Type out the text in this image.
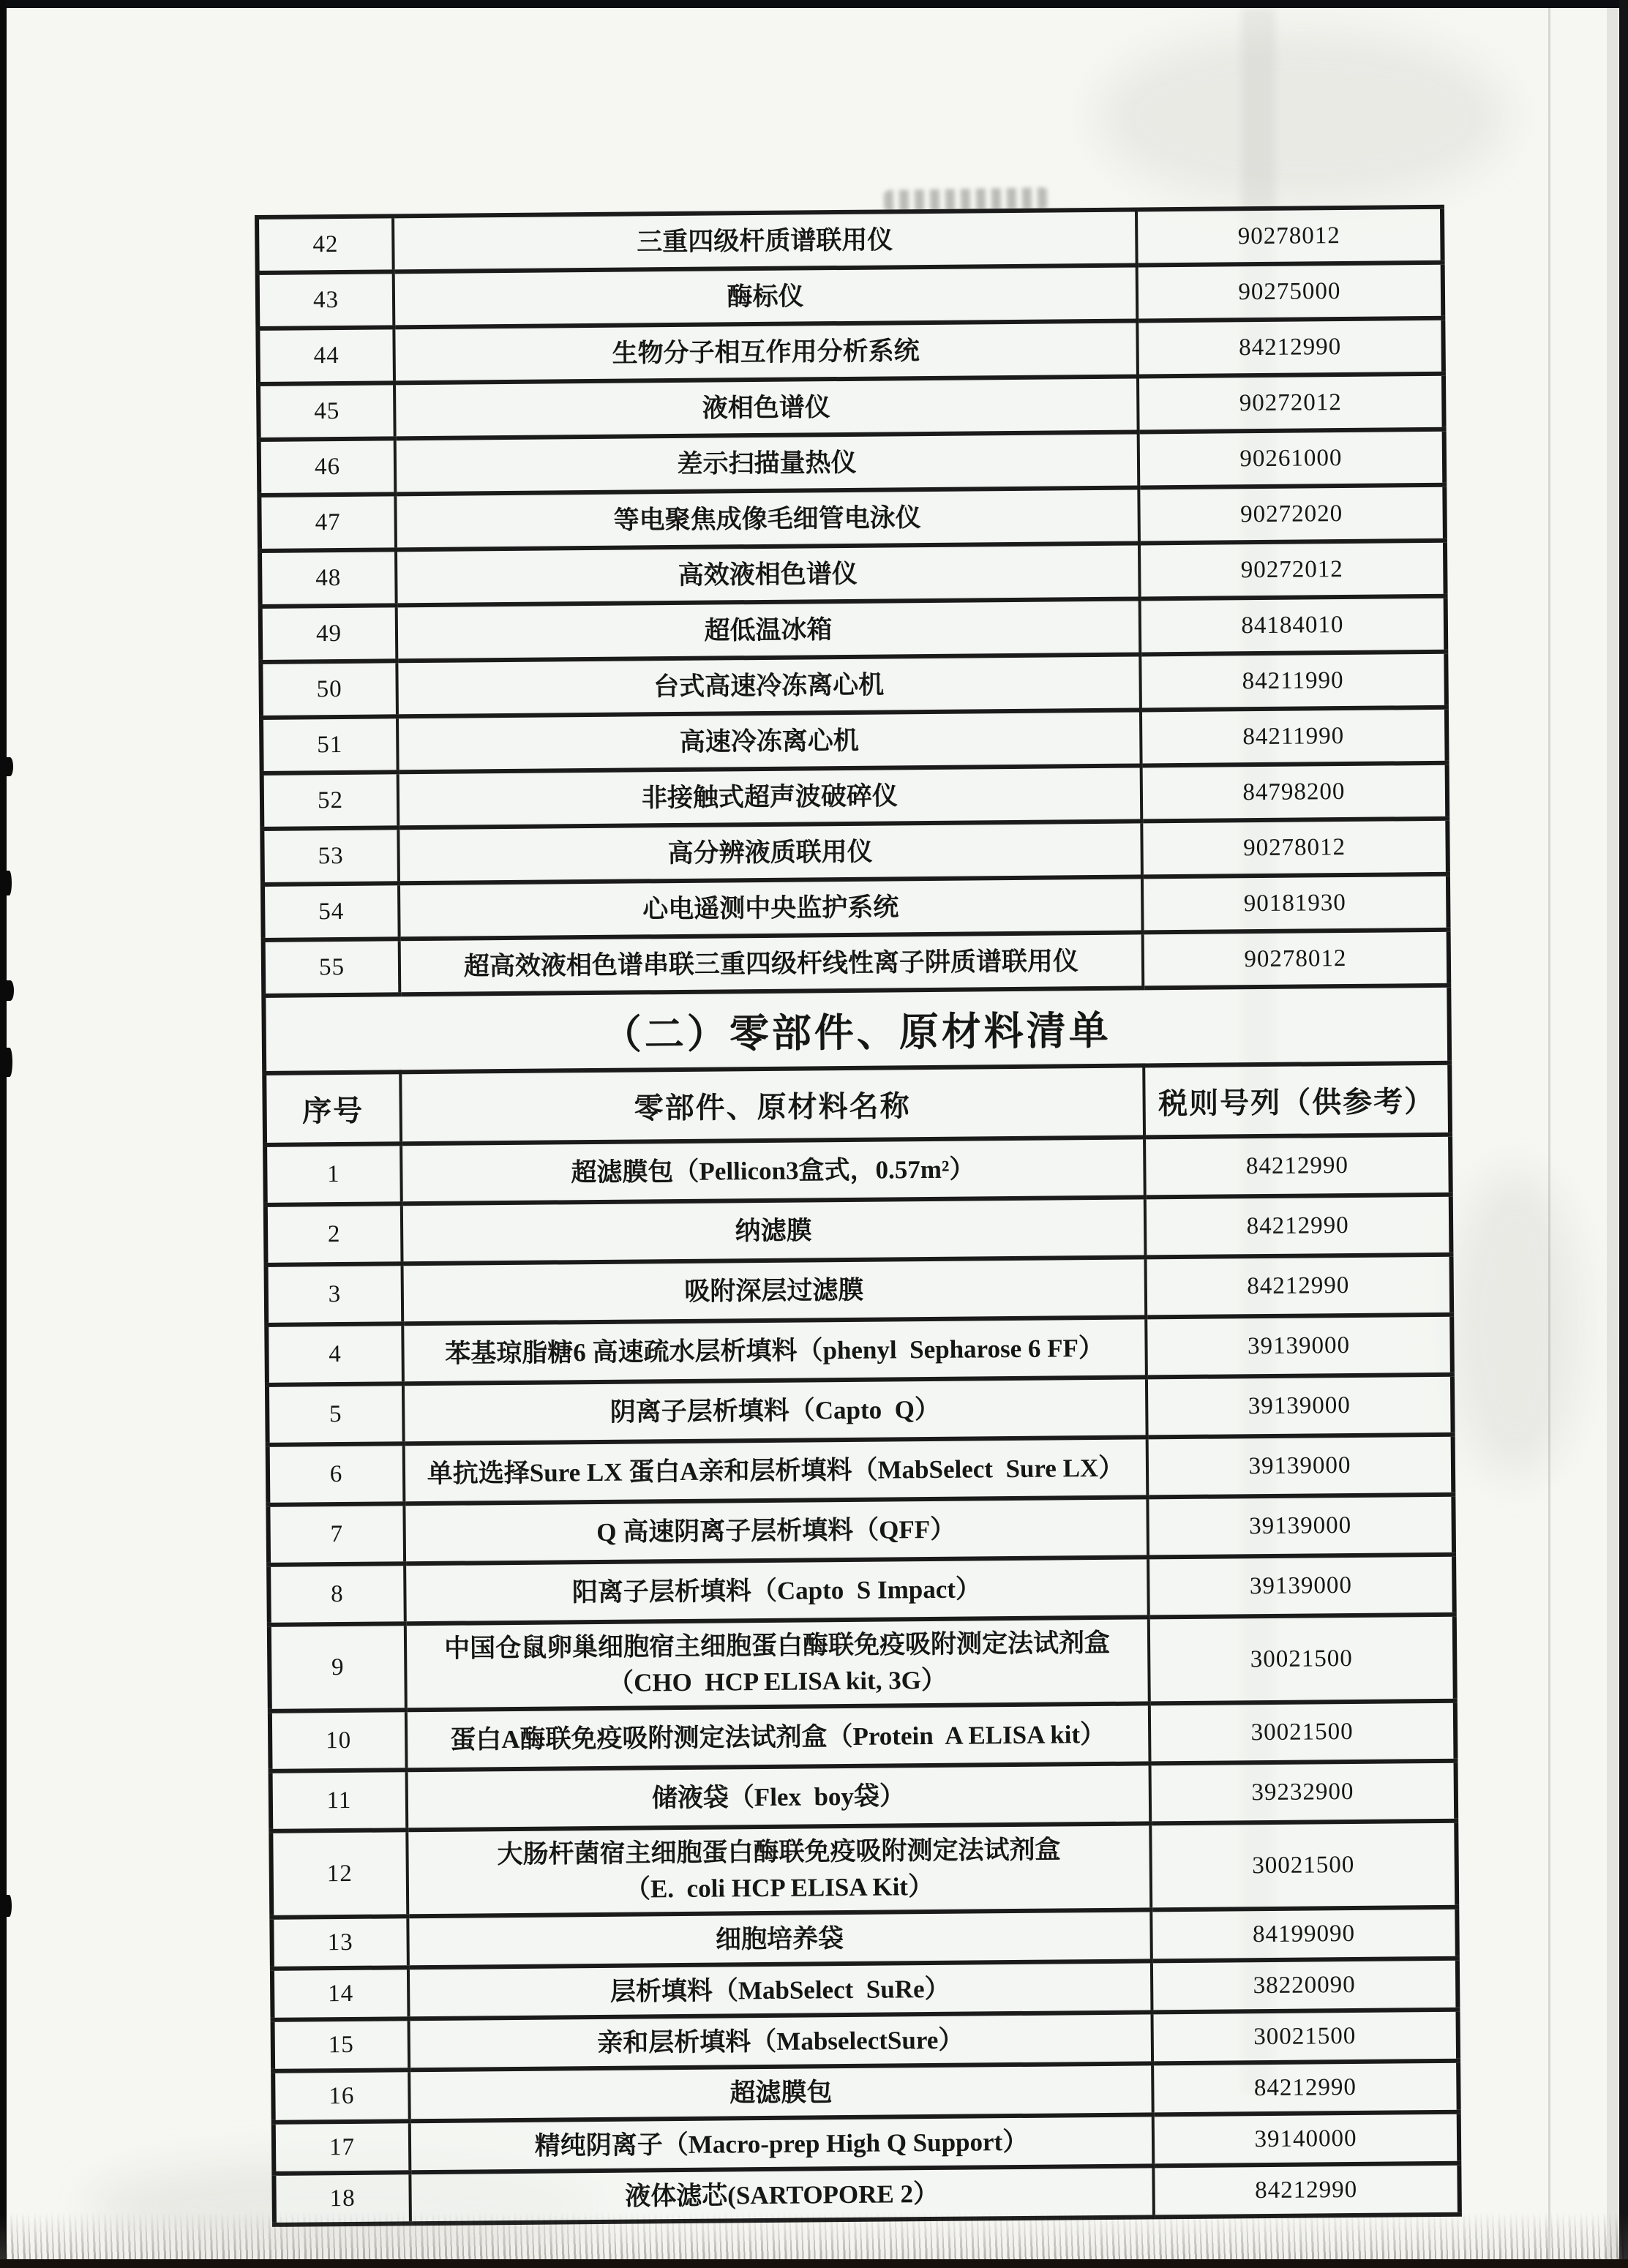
42	三重四级杆质谱联用仪	90278012
43	酶标仪	90275000
44	生物分子相互作用分析系统	84212990
45	液相色谱仪	90272012
46	差示扫描量热仪	90261000
47	等电聚焦成像毛细管电泳仪	90272020
48	高效液相色谱仪	90272012
49	超低温冰箱	84184010
50	台式高速冷冻离心机	84211990
51	高速冷冻离心机	84211990
52	非接触式超声波破碎仪	84798200
53	高分辨液质联用仪	90278012
54	心电遥测中央监护系统	90181930
55	超高效液相色谱串联三重四级杆线性离子阱质谱联用仪	90278012
（二）零部件、原材料清单		
序号	零部件、原材料名称	税则号列（供参考）
1	超滤膜包（Pellicon3盒式，0.57m²）	84212990
2	纳滤膜	84212990
3	吸附深层过滤膜	84212990
4	苯基琼脂糖6 高速疏水层析填料（phenyl  Sepharose 6 FF）	39139000
5	阴离子层析填料（Capto  Q）	39139000
6	单抗选择Sure LX 蛋白A亲和层析填料（MabSelect  Sure LX）	39139000
7	Q 高速阴离子层析填料（QFF）	39139000
8	阳离子层析填料（Capto  S Impact）	39139000
9	中国仓鼠卵巢细胞宿主细胞蛋白酶联免疫吸附测定法试剂盒
（CHO  HCP ELISA kit, 3G）	30021500
10	蛋白A酶联免疫吸附测定法试剂盒（Protein  A ELISA kit）	30021500
11	储液袋（Flex  boy袋）	39232900
12	大肠杆菌宿主细胞蛋白酶联免疫吸附测定法试剂盒
（E.  coli HCP ELISA Kit）	30021500
13	细胞培养袋	84199090
14	层析填料（MabSelect  SuRe）	38220090
15	亲和层析填料（MabselectSure）	30021500
16	超滤膜包	84212990
17	精纯阴离子（Macro-prep High Q Support）	39140000
18	液体滤芯(SARTOPORE 2）	84212990
